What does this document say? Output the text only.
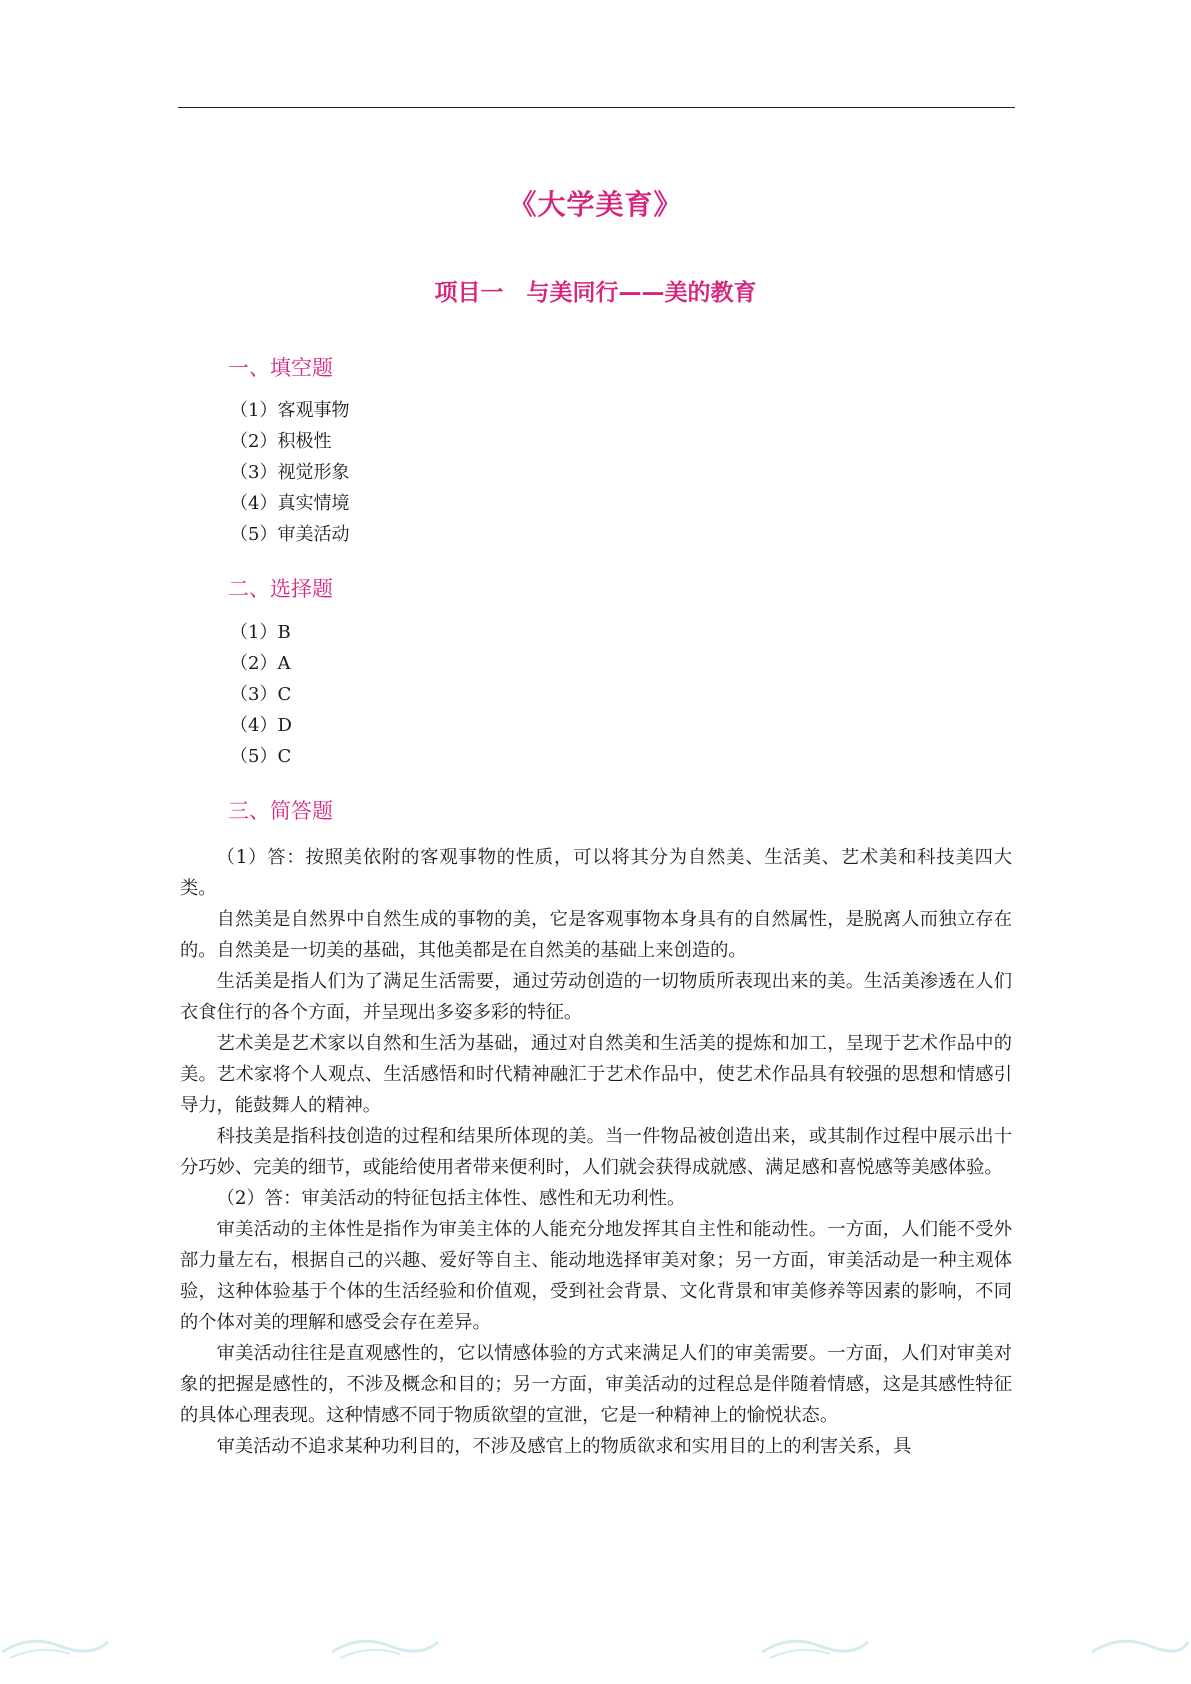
《大学美育》
项目一　与美同行——美的教育
一、填空题
（1）客观事物
（2）积极性
（3）视觉形象
（4）真实情境
（5）审美活动
二、选择题
（1）B
（2）A
（3）C
（4）D
（5）C
三、简答题

（1）答：按照美依附的客观事物的性质，可以将其分为自然美、生活美、艺术美和科技美四大类。

自然美是自然界中自然生成的事物的美，它是客观事物本身具有的自然属性，是脱离人而独立存在的。自然美是一切美的基础，其他美都是在自然美的基础上来创造的。

生活美是指人们为了满足生活需要，通过劳动创造的一切物质所表现出来的美。生活美渗透在人们衣食住行的各个方面，并呈现出多姿多彩的特征。

艺术美是艺术家以自然和生活为基础，通过对自然美和生活美的提炼和加工，呈现于艺术作品中的美。艺术家将个人观点、生活感悟和时代精神融汇于艺术作品中，使艺术作品具有较强的思想和情感引导力，能鼓舞人的精神。

科技美是指科技创造的过程和结果所体现的美。当一件物品被创造出来，或其制作过程中展示出十分巧妙、完美的细节，或能给使用者带来便利时，人们就会获得成就感、满足感和喜悦感等美感体验。

（2）答：审美活动的特征包括主体性、感性和无功利性。

审美活动的主体性是指作为审美主体的人能充分地发挥其自主性和能动性。一方面，人们能不受外部力量左右，根据自己的兴趣、爱好等自主、能动地选择审美对象；另一方面，审美活动是一种主观体验，这种体验基于个体的生活经验和价值观，受到社会背景、文化背景和审美修养等因素的影响，不同的个体对美的理解和感受会存在差异。

审美活动往往是直观感性的，它以情感体验的方式来满足人们的审美需要。一方面，人们对审美对象的把握是感性的，不涉及概念和目的；另一方面，审美活动的过程总是伴随着情感，这是其感性特征的具体心理表现。这种情感不同于物质欲望的宣泄，它是一种精神上的愉悦状态。

审美活动不追求某种功利目的，不涉及感官上的物质欲求和实用目的上的利害关系，具
